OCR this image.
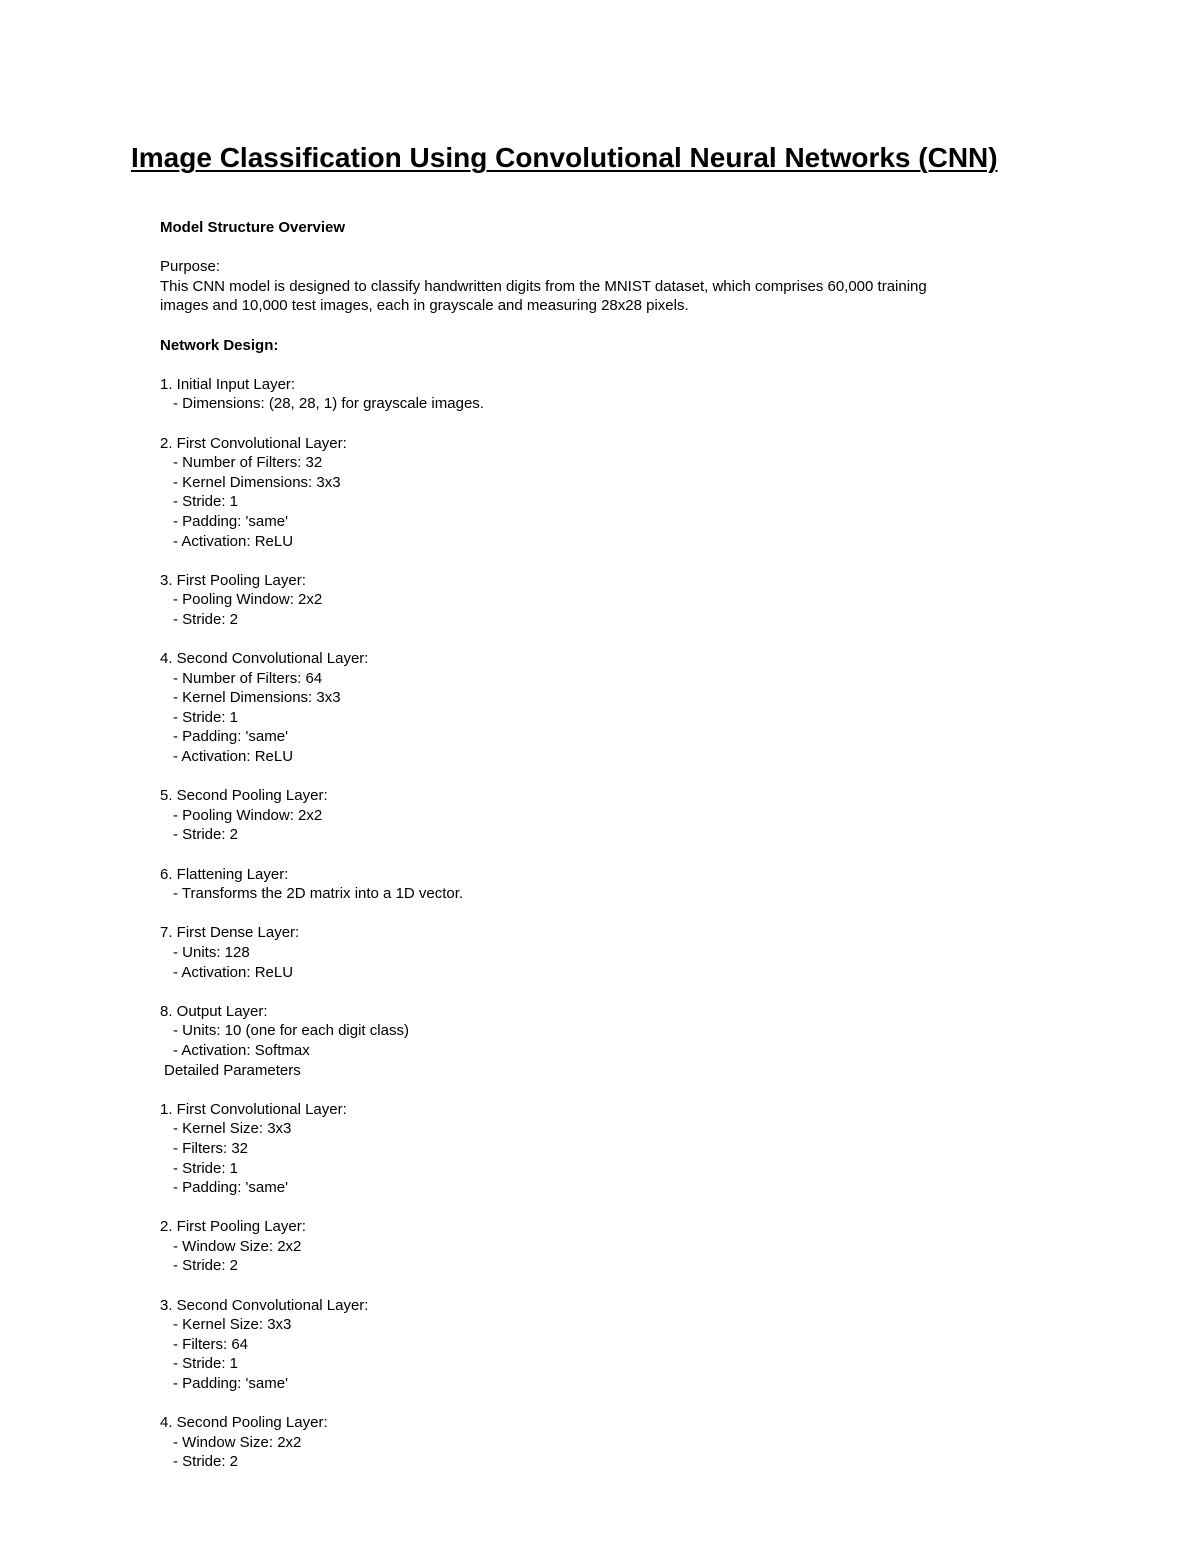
Image Classification Using Convolutional Neural Networks (CNN)

Model Structure Overview

Purpose:

This CNN model is designed to classify handwritten digits from the MNIST dataset, which comprises 60,000 training

images and 10,000 test images, each in grayscale and measuring 28x28 pixels.

Network Design:

1. Initial Input Layer:

- Dimensions: (28, 28, 1) for grayscale images.

2. First Convolutional Layer:

- Number of Filters: 32

- Kernel Dimensions: 3x3

- Stride: 1

- Padding: 'same'

- Activation: ReLU

3. First Pooling Layer:

- Pooling Window: 2x2

- Stride: 2

4. Second Convolutional Layer:

- Number of Filters: 64

- Kernel Dimensions: 3x3

- Stride: 1

- Padding: 'same'

- Activation: ReLU

5. Second Pooling Layer:

- Pooling Window: 2x2

- Stride: 2

6. Flattening Layer:

- Transforms the 2D matrix into a 1D vector.

7. First Dense Layer:

- Units: 128

- Activation: ReLU

8. Output Layer:

- Units: 10 (one for each digit class)

- Activation: Softmax

Detailed Parameters

1. First Convolutional Layer:

- Kernel Size: 3x3

- Filters: 32

- Stride: 1

- Padding: 'same'

2. First Pooling Layer:

- Window Size: 2x2

- Stride: 2

3. Second Convolutional Layer:

- Kernel Size: 3x3

- Filters: 64

- Stride: 1

- Padding: 'same'

4. Second Pooling Layer:

- Window Size: 2x2

- Stride: 2
